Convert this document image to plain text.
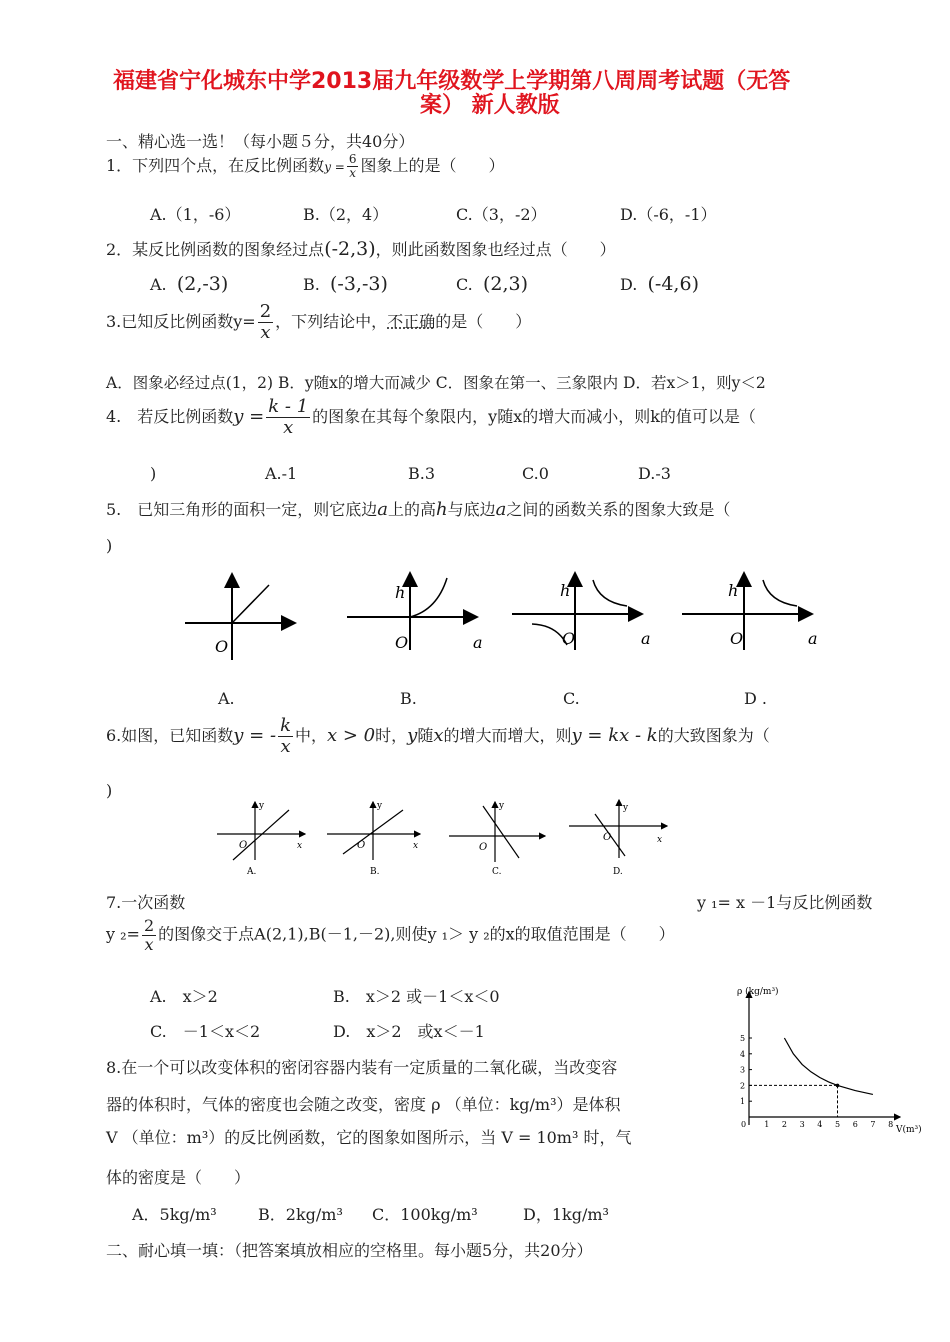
福建省宁化城东中学2013届九年级数学上学期第八周周考试题（无答
案） 新人教版
一、精心选一选！（每小题５分，共40分）
1．下列四个点，在反比例函数$y = \frac{6}{x}$ 图象上的是（　　）
A.（1，-6）	B.（2，4）	C.（3，-2）	D.（-6，-1）
2．某反比例函数的图象经过点(-2,3)，则此函数图象也经过点（　　）
A. (2,-3)	B. (-3,-3)	C. (2,3)	D. (-4,6)
3.已知反比例函数$y= \frac{2}{x}$ ，下列结论中，不正确的是（　　）
A．图象必经过点(1，2) B．y随x的增大而减少 C．图象在第一、三象限内 D．若x＞1，则y＜2
4.　若反比例函数$y = \frac{k - 1}{x}$ 的图象在其每个象限内，y随x的增大而减小，则k的值可以是（
)	A.-1	B.3	C.0	D.-3
5.　已知三角形的面积一定，则它底边a上的高h与底边a之间的函数关系的图象大致是（
)
O
h
O	a
h
O	a
h
O	a
A.	B.	C.	D .
6.如图，已知函数y = - $\frac{k}{x}$ 中，x > 0时，y随x的增大而增大，则y = kx - k的大致图象为（
)
y
x
O
A.
y
x
O
B.
y
O
C.
y
x
O
D.
7.一次函数	y ₁= x －1与反比例函数
y $_2= \frac{2}{x}$ 的图像交于点A(2,1),B(－1,－2),则使y ₁＞ y ₂的x的取值范围是（　　）
A.　x＞2	B.　x＞2 或－1＜x＜0
C.　－1＜x＜2	D.　x＞2　或x＜－1
ρ (kg/m³)
V(m³)
1
2
3
4
5
0 1 2 3 4 5 6 7 8
8.在一个可以改变体积的密闭容器内装有一定质量的二氧化碳，当改变容
器的体积时，气体的密度也会随之改变，密度 ρ （单位：kg/m³）是体积
V （单位：m³）的反比例函数，它的图象如图所示，当 V = 10m³ 时，气
体的密度是（　　）
A．5kg/m³	B．2kg/m³ C．100kg/m³	D，1kg/m³
二、耐心填一填：（把答案填放相应的空格里。每小题5分，共20分）
